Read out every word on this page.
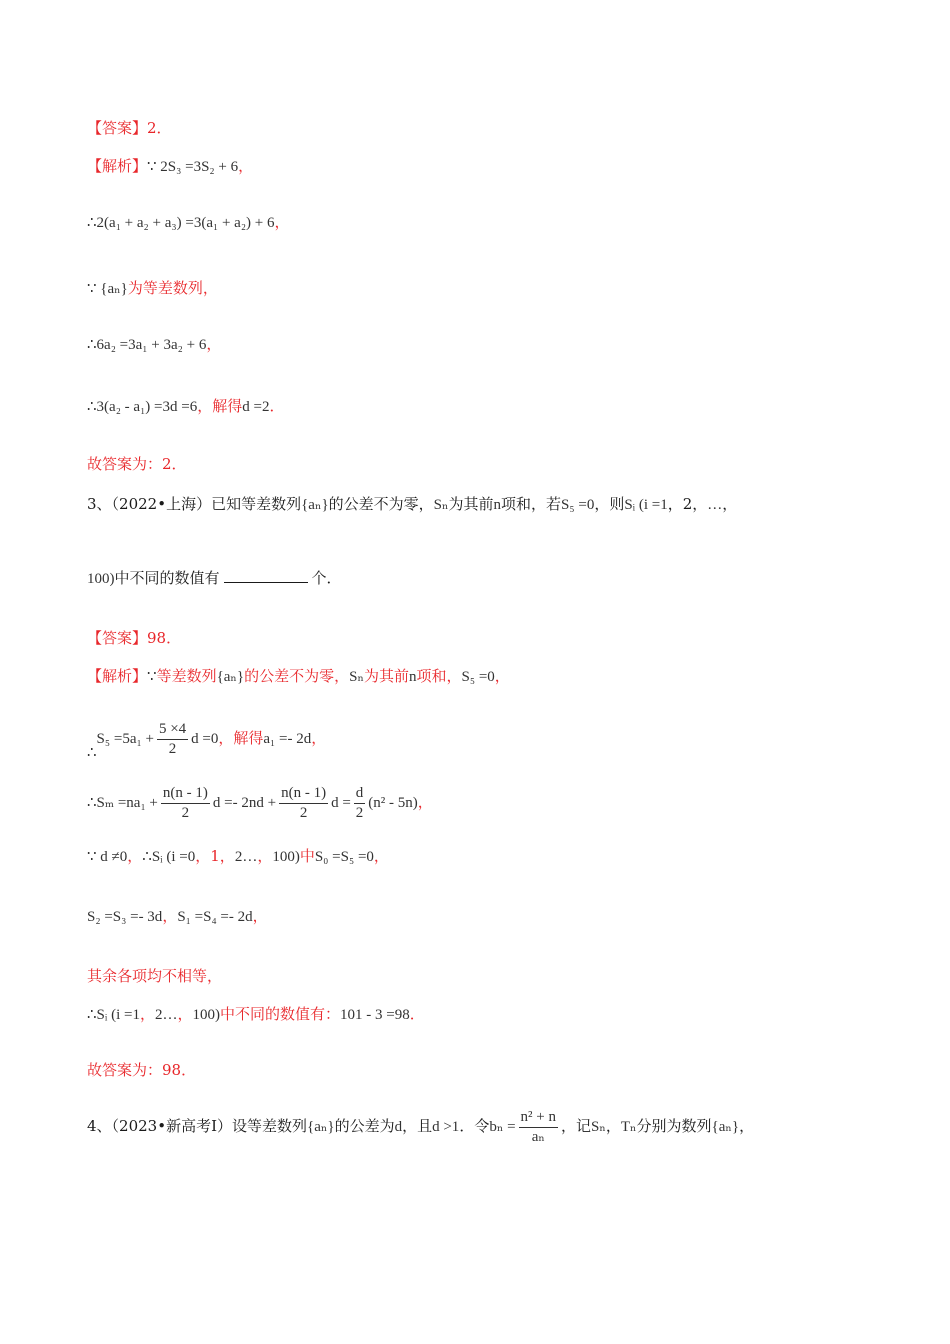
【答案】2．
【解析】∵ 2S₃ =3S₂ + 6，
∴2(a₁ + a₂ + a₃) =3(a₁ + a₂) + 6，
∵ {aₙ}为等差数列，
∴6a₂ =3a₁ + 3a₂ + 6，
∴3(a₂ - a₁) =3d =6，解得d =2．
故答案为：2．
3、（2022•上海）已知等差数列{aₙ}的公差不为零，Sₙ为其前n项和，若S₅ =0，则Sᵢ (i =1，2，…，
100)中不同的数值有	个．
【答案】98．
【解析】∵等差数列{aₙ}的公差不为零，Sₙ为其前n项和，S₅ =0，
∴S₅ $=5a_1 + \frac{5 \times 4}{2}$ d =0，解得a₁ =- 2d，
∴Sₘ $=na_1 + \frac{n(n - 1)}{2}$ $d =- 2nd + \frac{n(n - 1)}{2}$ $d = \frac{d}{2} (n^2 - 5n)$，
∵ d ≠0，∴Sᵢ (i =0，1，2…，100)中S₀ =S₅ =0，
S₂ =S₃ =- 3d，S₁ =S₄ =- 2d，
其余各项均不相等，
∴Sᵢ (i =1，2…，100)中不同的数值有：101 - 3 =98．
故答案为：98．
4、（2023•新高考Ⅰ）设等差数列{aₙ}的公差为d，且d >1．令$b_n = \frac{\text{n² + n}}{\text{aₙ}}$ ，记Sₙ，Tₙ分别为数列{aₙ}，
